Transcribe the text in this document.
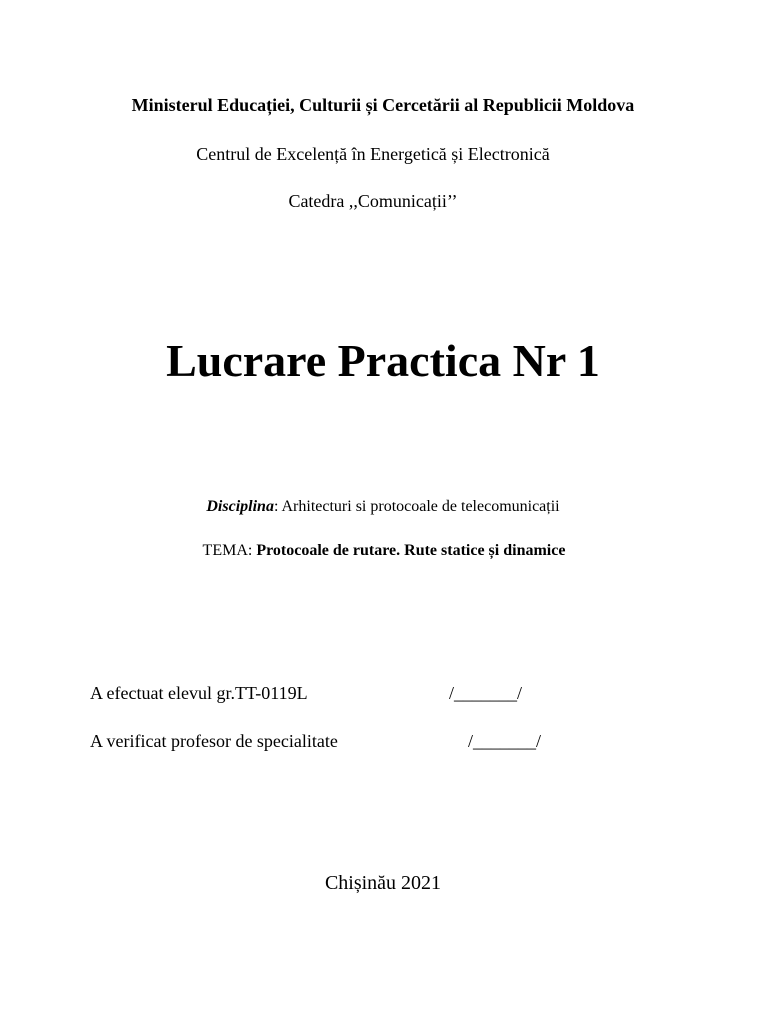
Ministerul Educației, Culturii și Cercetării al Republicii Moldova
Centrul de Excelență în Energetică și Electronică
Catedra ,,Comunicații’’
Lucrare Practica Nr 1
Disciplina: Arhitecturi si protocoale de telecomunicații
TEMA: Protocoale de rutare. Rute statice și dinamice
A efectuat elevul gr.TT-0119L	/_______/
A verificat profesor de specialitate	/_______/
Chișinău 2021
